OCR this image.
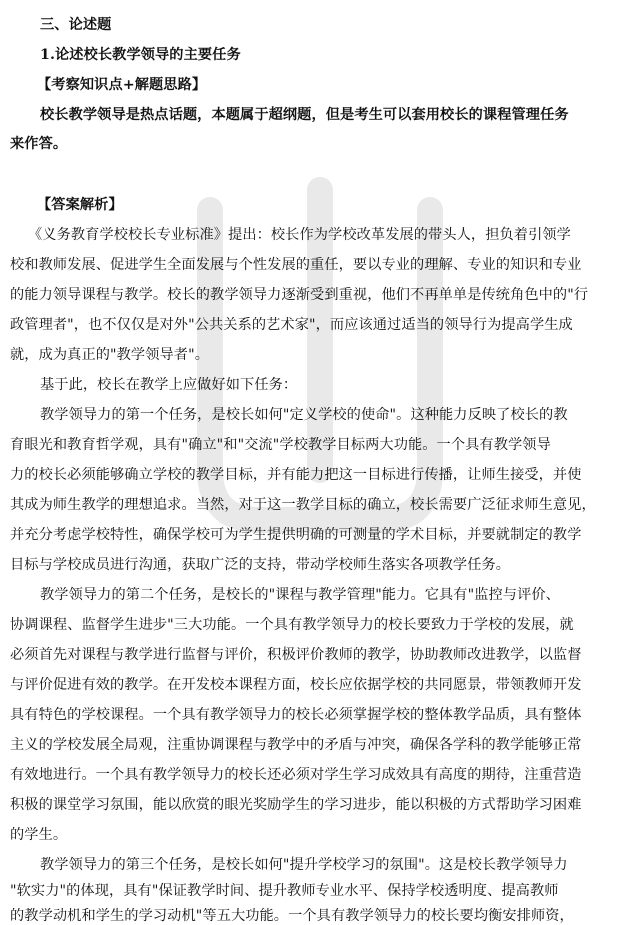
三、论述题
1.论述校长教学领导的主要任务
【考察知识点+解题思路】
校长教学领导是热点话题，本题属于超纲题，但是考生可以套用校长的课程管理任务
来作答。
【答案解析】
《义务教育学校校长专业标准》提出：校长作为学校改革发展的带头人，担负着引领学
校和教师发展、促进学生全面发展与个性发展的重任，要以专业的理解、专业的知识和专业
的能力领导课程与教学。校长的教学领导力逐渐受到重视，他们不再单单是传统角色中的"行
政管理者"，也不仅仅是对外"公共关系的艺术家"，而应该通过适当的领导行为提高学生成
就，成为真正的"教学领导者"。
基于此，校长在教学上应做好如下任务：
教学领导力的第一个任务，是校长如何"定义学校的使命"。这种能力反映了校长的教
育眼光和教育哲学观，具有"确立"和"交流"学校教学目标两大功能。一个具有教学领导
力的校长必须能够确立学校的教学目标，并有能力把这一目标进行传播，让师生接受，并使
其成为师生教学的理想追求。当然，对于这一教学目标的确立，校长需要广泛征求师生意见，
并充分考虑学校特性，确保学校可为学生提供明确的可测量的学术目标，并要就制定的教学
目标与学校成员进行沟通，获取广泛的支持，带动学校师生落实各项教学任务。
教学领导力的第二个任务，是校长的"课程与教学管理"能力。它具有"监控与评价、
协调课程、监督学生进步"三大功能。一个具有教学领导力的校长要致力于学校的发展，就
必须首先对课程与教学进行监督与评价，积极评价教师的教学，协助教师改进教学，以监督
与评价促进有效的教学。在开发校本课程方面，校长应依据学校的共同愿景，带领教师开发
具有特色的学校课程。一个具有教学领导力的校长必须掌握学校的整体教学品质，具有整体
主义的学校发展全局观，注重协调课程与教学中的矛盾与冲突，确保各学科的教学能够正常
有效地进行。一个具有教学领导力的校长还必须对学生学习成效具有高度的期待，注重营造
积极的课堂学习氛围，能以欣赏的眼光奖励学生的学习进步，能以积极的方式帮助学习困难
的学生。
教学领导力的第三个任务，是校长如何"提升学校学习的氛围"。这是校长教学领导力
"软实力"的体现，具有"保证教学时间、提升教师专业水平、保持学校透明度、提高教师
的教学动机和学生的学习动机"等五大功能。一个具有教学领导力的校长要均衡安排师资，
